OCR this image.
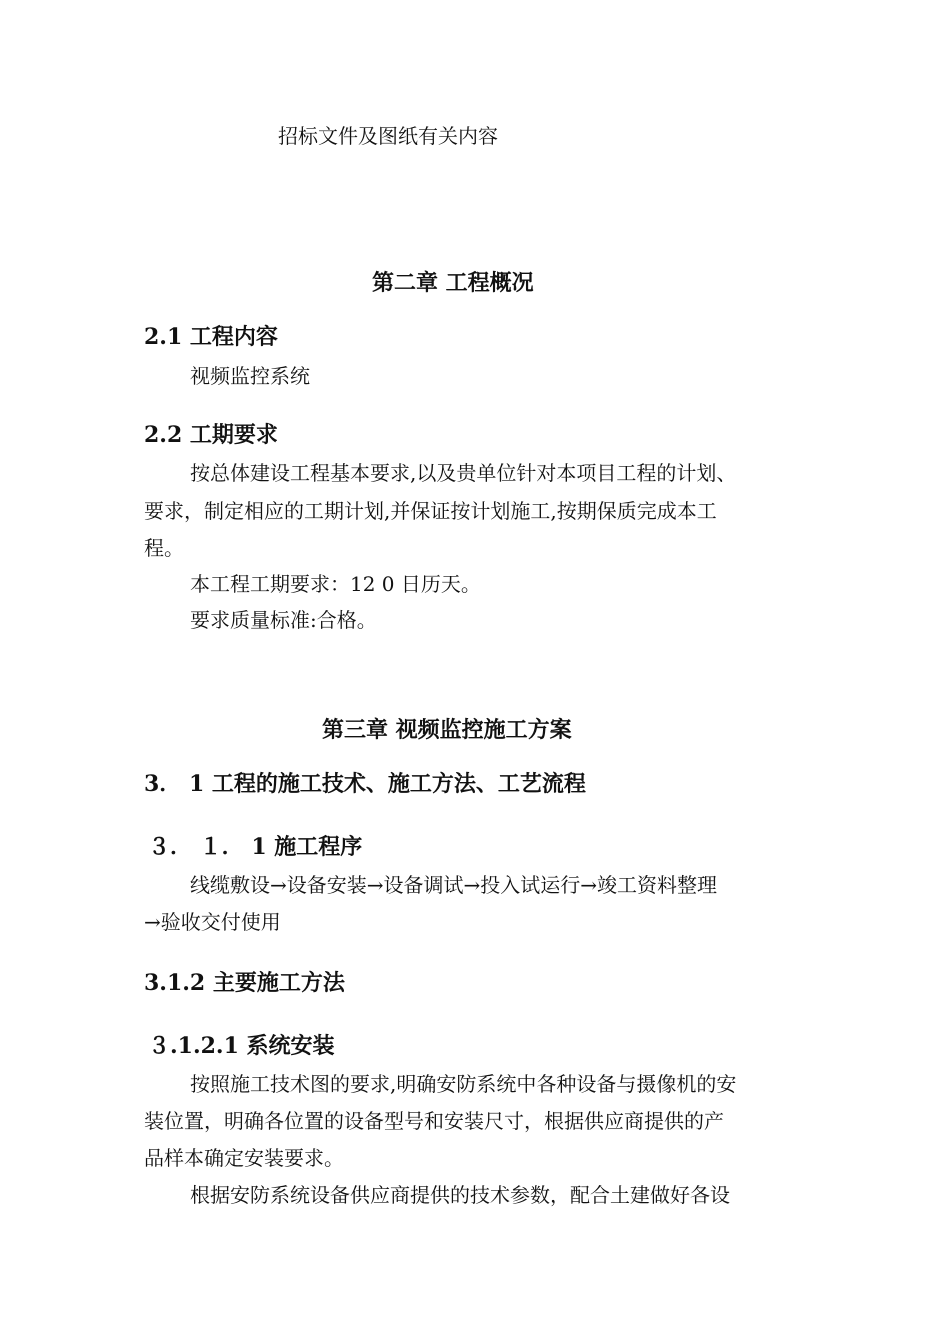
招标文件及图纸有关内容
第二章 工程概况
2.1 工程内容
视频监控系统
2.2 工期要求
按总体建设工程基本要求,以及贵单位针对本项目工程的计划、
要求，制定相应的工期计划,并保证按计划施工,按期保质完成本工
程。
本工程工期要求：12 0 日历天。
要求质量标准:合格。
第三章 视频监控施工方案
3． 1 工程的施工技术、施工方法、工艺流程
３． １． 1 施工程序
线缆敷设→设备安装→设备调试→投入试运行→竣工资料整理
→验收交付使用
3.1.2 主要施工方法
３.1.2.1 系统安装
按照施工技术图的要求,明确安防系统中各种设备与摄像机的安
装位置，明确各位置的设备型号和安装尺寸，根据供应商提供的产
品样本确定安装要求。
根据安防系统设备供应商提供的技术参数，配合土建做好各设
